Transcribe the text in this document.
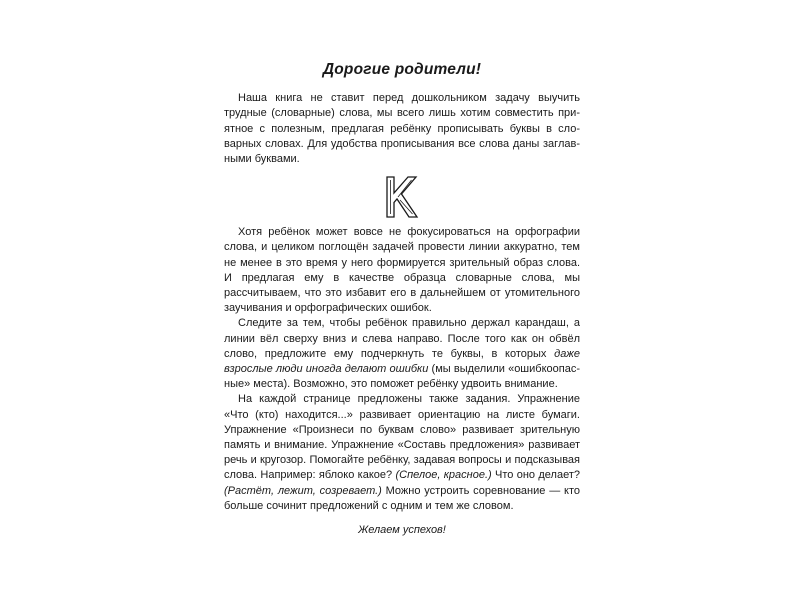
Дорогие родители!

Наша книга не ставит перед дошкольником задачу выучить трудные (словарные) слова, мы всего лишь хотим совместить приятное с полезным, предлагая ребёнку прописывать буквы в словарных словах. Для удобства прописывания все слова даны заглавными буквами.

К

Хотя ребёнок может вовсе не фокусироваться на орфографии слова, и целиком поглощён задачей провести линии аккуратно, тем не менее в это время у него формируется зрительный образ слова. И предлагая ему в качестве образца словарные слова, мы рассчитываем, что это избавит его в дальнейшем от утомительного заучивания и орфографических ошибок.

Следите за тем, чтобы ребёнок правильно держал карандаш, а линии вёл сверху вниз и слева направо. После того как он обвёл слово, предложите ему подчеркнуть те буквы, в которых даже взрослые люди иногда делают ошибки (мы выделили «ошибкоопасные» места). Возможно, это поможет ребёнку удвоить внимание.

На каждой странице предложены также задания. Упражнение «Что (кто) находится...» развивает ориентацию на листе бумаги. Упражнение «Произнеси по буквам слово» развивает зрительную память и внимание. Упражнение «Составь предложения» развивает речь и кругозор. Помогайте ребёнку, задавая вопросы и подсказывая слова. Например: яблоко какое? (Спелое, красное.) Что оно делает? (Растёт, лежит, созревает.) Можно устроить соревнование — кто больше сочинит предложений с одним и тем же словом.

Желаем успехов!
